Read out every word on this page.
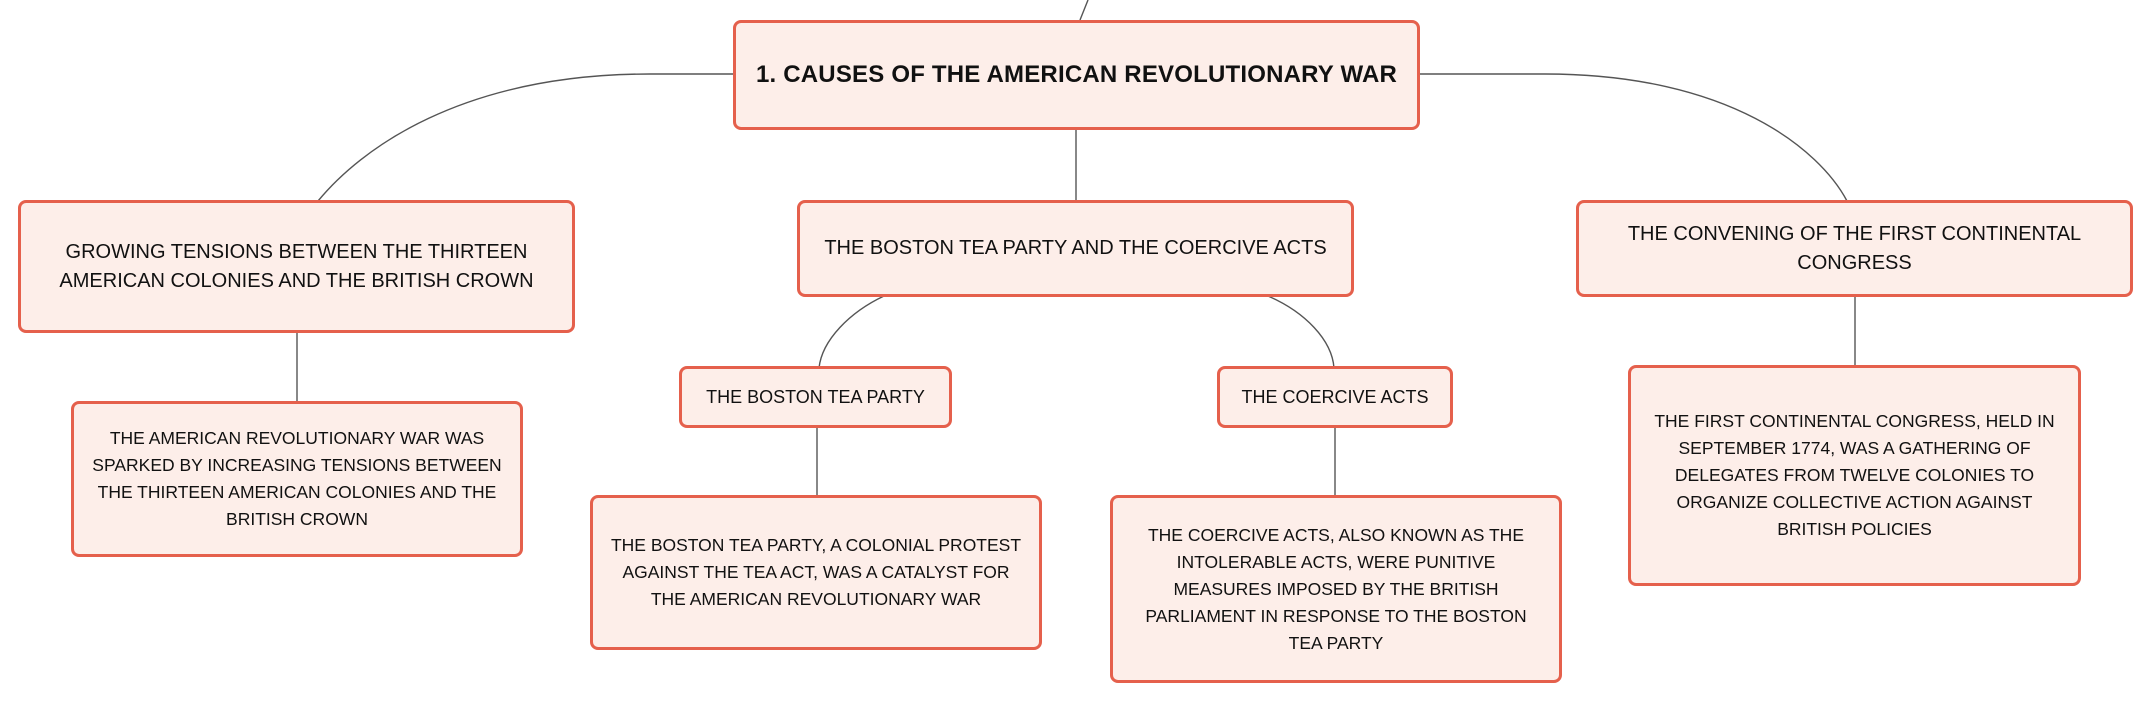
1. CAUSES OF THE AMERICAN REVOLUTIONARY WAR
GROWING TENSIONS BETWEEN THE THIRTEEN AMERICAN COLONIES AND THE BRITISH CROWN
THE BOSTON TEA PARTY AND THE COERCIVE ACTS
THE CONVENING OF THE FIRST CONTINENTAL CONGRESS
THE BOSTON TEA PARTY	THE COERCIVE ACTS
THE AMERICAN REVOLUTIONARY WAR WAS SPARKED BY INCREASING TENSIONS BETWEEN THE THIRTEEN AMERICAN COLONIES AND THE BRITISH CROWN
THE BOSTON TEA PARTY, A COLONIAL PROTEST AGAINST THE TEA ACT, WAS A CATALYST FOR THE AMERICAN REVOLUTIONARY WAR
THE COERCIVE ACTS, ALSO KNOWN AS THE INTOLERABLE ACTS, WERE PUNITIVE MEASURES IMPOSED BY THE BRITISH PARLIAMENT IN RESPONSE TO THE BOSTON TEA PARTY
THE FIRST CONTINENTAL CONGRESS, HELD IN SEPTEMBER 1774, WAS A GATHERING OF DELEGATES FROM TWELVE COLONIES TO ORGANIZE COLLECTIVE ACTION AGAINST BRITISH POLICIES
